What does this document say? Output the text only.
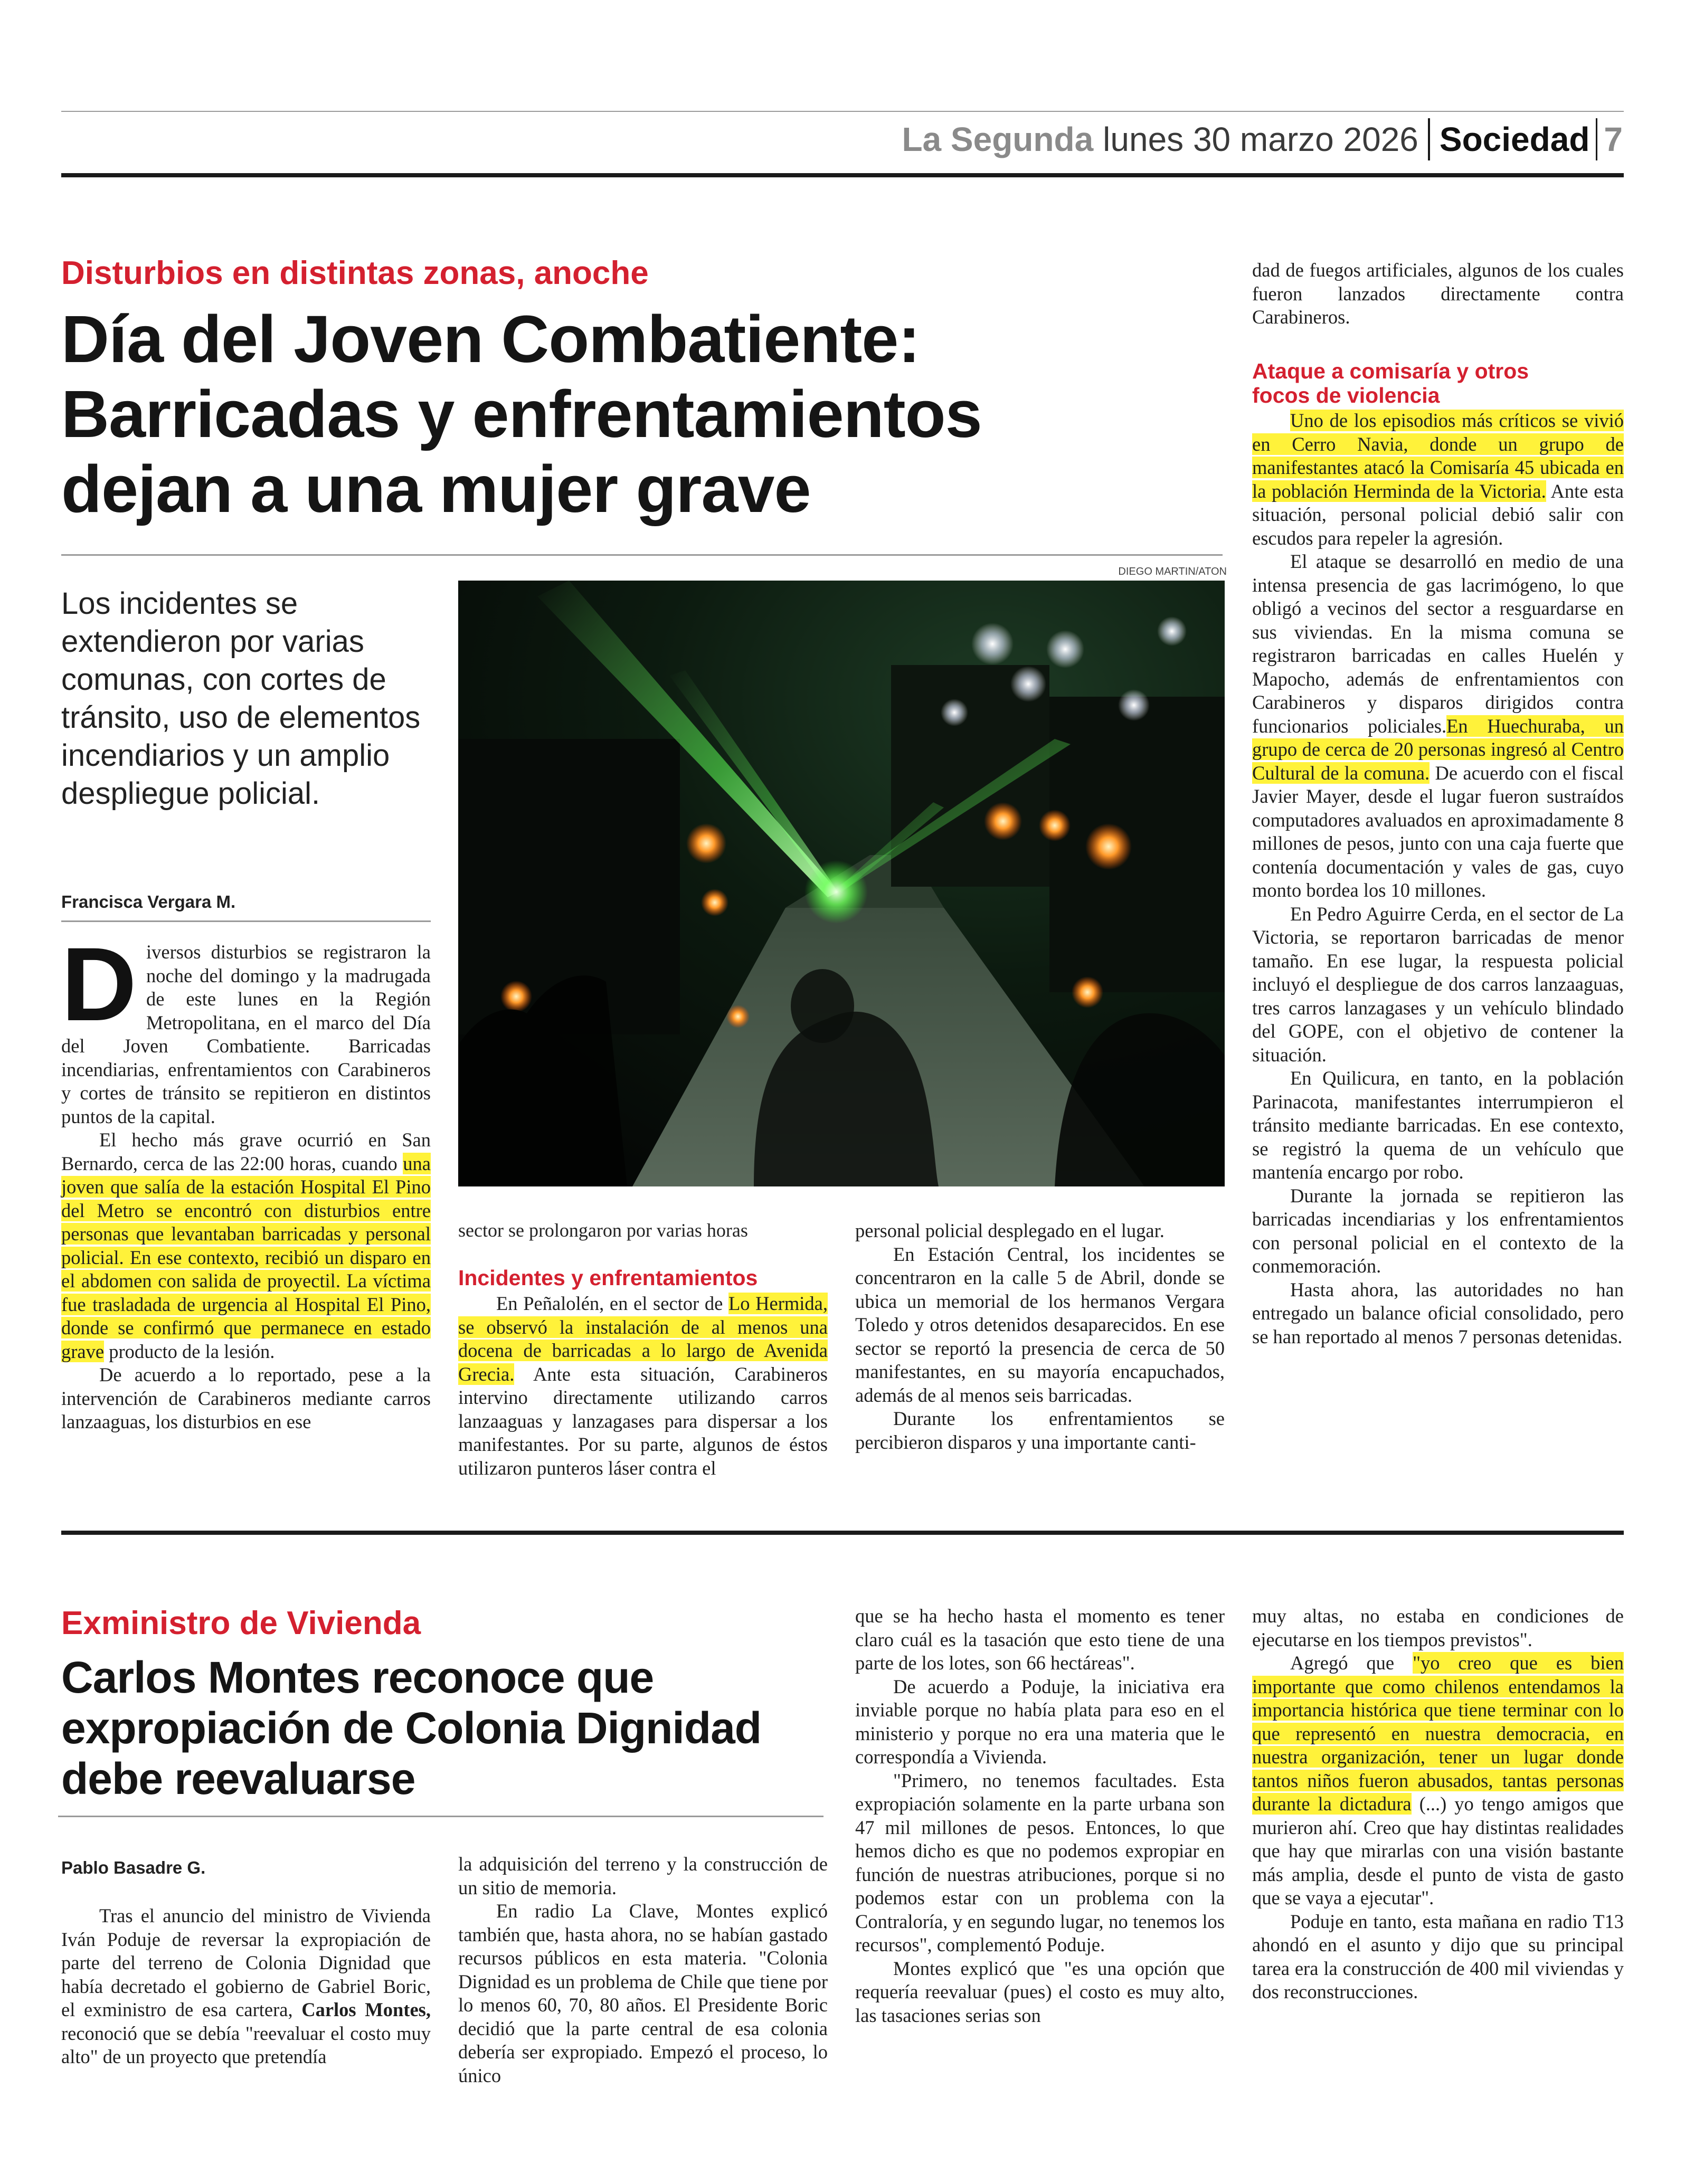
La Segunda lunes 30 marzo 2026 Sociedad 7
Disturbios en distintas zonas, anoche
Día del Joven Combatiente:
Barricadas y enfrentamientos
dejan a una mujer grave
Los incidentes se extendieron por varias comunas, con cortes de tránsito, uso de elementos incendiarios y un amplio despliegue policial.
Francisca Vergara M.
DIEGO MARTIN/ATON

Diversos disturbios se registraron la noche del domingo y la madrugada de este lunes en la Región Metropolitana, en el marco del Día del Joven Combatiente. Barricadas incendiarias, enfrentamientos con Carabineros y cortes de tránsito se repitieron en distintos puntos de la capital.

El hecho más grave ocurrió en San Bernardo, cerca de las 22:00 horas, cuando una joven que salía de la estación Hospital El Pino del Metro se encontró con disturbios entre personas que levantaban barricadas y personal policial. En ese contexto, recibió un disparo en el abdomen con salida de proyectil. La víctima fue trasladada de urgencia al Hospital El Pino, donde se confirmó que permanece en estado grave producto de la lesión.

De acuerdo a lo reportado, pese a la intervención de Carabineros mediante carros lanzaaguas, los disturbios en ese

sector se prolongaron por varias horas
Incidentes y enfrentamientos

En Peñalolén, en el sector de Lo Hermida, se observó la instalación de al menos una docena de barricadas a lo largo de Avenida Grecia. Ante esta situación, Carabineros intervino directamente utilizando carros lanzaaguas y lanzagases para dispersar a los manifestantes. Por su parte, algunos de éstos utilizaron punteros láser contra el

personal policial desplegado en el lugar.

En Estación Central, los incidentes se concentraron en la calle 5 de Abril, donde se ubica un memorial de los hermanos Vergara Toledo y otros detenidos desaparecidos. En ese sector se reportó la presencia de cerca de 50 manifestantes, en su mayoría encapuchados, además de al menos seis barricadas.

Durante los enfrentamientos se percibieron disparos y una importante canti-

dad de fuegos artificiales, algunos de los cuales fueron lanzados directamente contra Carabineros.

Ataque a comisaría y otros focos de violencia

Uno de los episodios más críticos se vivió en Cerro Navia, donde un grupo de manifestantes atacó la Comisaría 45 ubicada en la población Herminda de la Victoria. Ante esta situación, personal policial debió salir con escudos para repeler la agresión.

El ataque se desarrolló en medio de una intensa presencia de gas lacrimógeno, lo que obligó a vecinos del sector a resguardarse en sus viviendas. En la misma comuna se registraron barricadas en calles Huelén y Mapocho, además de enfrentamientos con Carabineros y disparos dirigidos contra funcionarios policiales.En Huechuraba, un grupo de cerca de 20 personas ingresó al Centro Cultural de la comuna. De acuerdo con el fiscal Javier Mayer, desde el lugar fueron sustraídos computadores avaluados en aproximadamente 8 millones de pesos, junto con una caja fuerte que contenía documentación y vales de gas, cuyo monto bordea los 10 millones.

En Pedro Aguirre Cerda, en el sector de La Victoria, se reportaron barricadas de menor tamaño. En ese lugar, la respuesta policial incluyó el despliegue de dos carros lanzaaguas, tres carros lanzagases y un vehículo blindado del GOPE, con el objetivo de contener la situación.

En Quilicura, en tanto, en la población Parinacota, manifestantes interrumpieron el tránsito mediante barricadas. En ese contexto, se registró la quema de un vehículo que mantenía encargo por robo.

Durante la jornada se repitieron las barricadas incendiarias y los enfrentamientos con personal policial en el contexto de la conmemoración.

Hasta ahora, las autoridades no han entregado un balance oficial consolidado, pero se han reportado al menos 7 personas detenidas.

Exministro de Vivienda
Carlos Montes reconoce que
expropiación de Colonia Dignidad
debe reevaluarse
Pablo Basadre G.

Tras el anuncio del ministro de Vivienda Iván Poduje de reversar la expropiación de parte del terreno de Colonia Dignidad que había decretado el gobierno de Gabriel Boric, el exministro de esa cartera, Carlos Montes, reconoció que se debía "reevaluar el costo muy alto" de un proyecto que pretendía

la adquisición del terreno y la construcción de un sitio de memoria.

En radio La Clave, Montes explicó también que, hasta ahora, no se habían gastado recursos públicos en esta materia. "Colonia Dignidad es un problema de Chile que tiene por lo menos 60, 70, 80 años. El Presidente Boric decidió que la parte central de esa colonia debería ser expropiado. Empezó el proceso, lo único

que se ha hecho hasta el momento es tener claro cuál es la tasación que esto tiene de una parte de los lotes, son 66 hectáreas".

De acuerdo a Poduje, la iniciativa era inviable porque no había plata para eso en el ministerio y porque no era una materia que le correspondía a Vivienda.

"Primero, no tenemos facultades. Esta expropiación solamente en la parte urbana son 47 mil millones de pesos. Entonces, lo que hemos dicho es que no podemos expropiar en función de nuestras atribuciones, porque si no podemos estar con un problema con la Contraloría, y en segundo lugar, no tenemos los recursos", complementó Poduje.

Montes explicó que "es una opción que requería reevaluar (pues) el costo es muy alto, las tasaciones serias son

muy altas, no estaba en condiciones de ejecutarse en los tiempos previstos".

Agregó que "yo creo que es bien importante que como chilenos entendamos la importancia histórica que tiene terminar con lo que representó en nuestra democracia, en nuestra organización, tener un lugar donde tantos niños fueron abusados, tantas personas durante la dictadura (...) yo tengo amigos que murieron ahí. Creo que hay distintas realidades que hay que mirarlas con una visión bastante más amplia, desde el punto de vista de gasto que se vaya a ejecutar".

Poduje en tanto, esta mañana en radio T13 ahondó en el asunto y dijo que su principal tarea era la construcción de 400 mil viviendas y dos reconstrucciones.
